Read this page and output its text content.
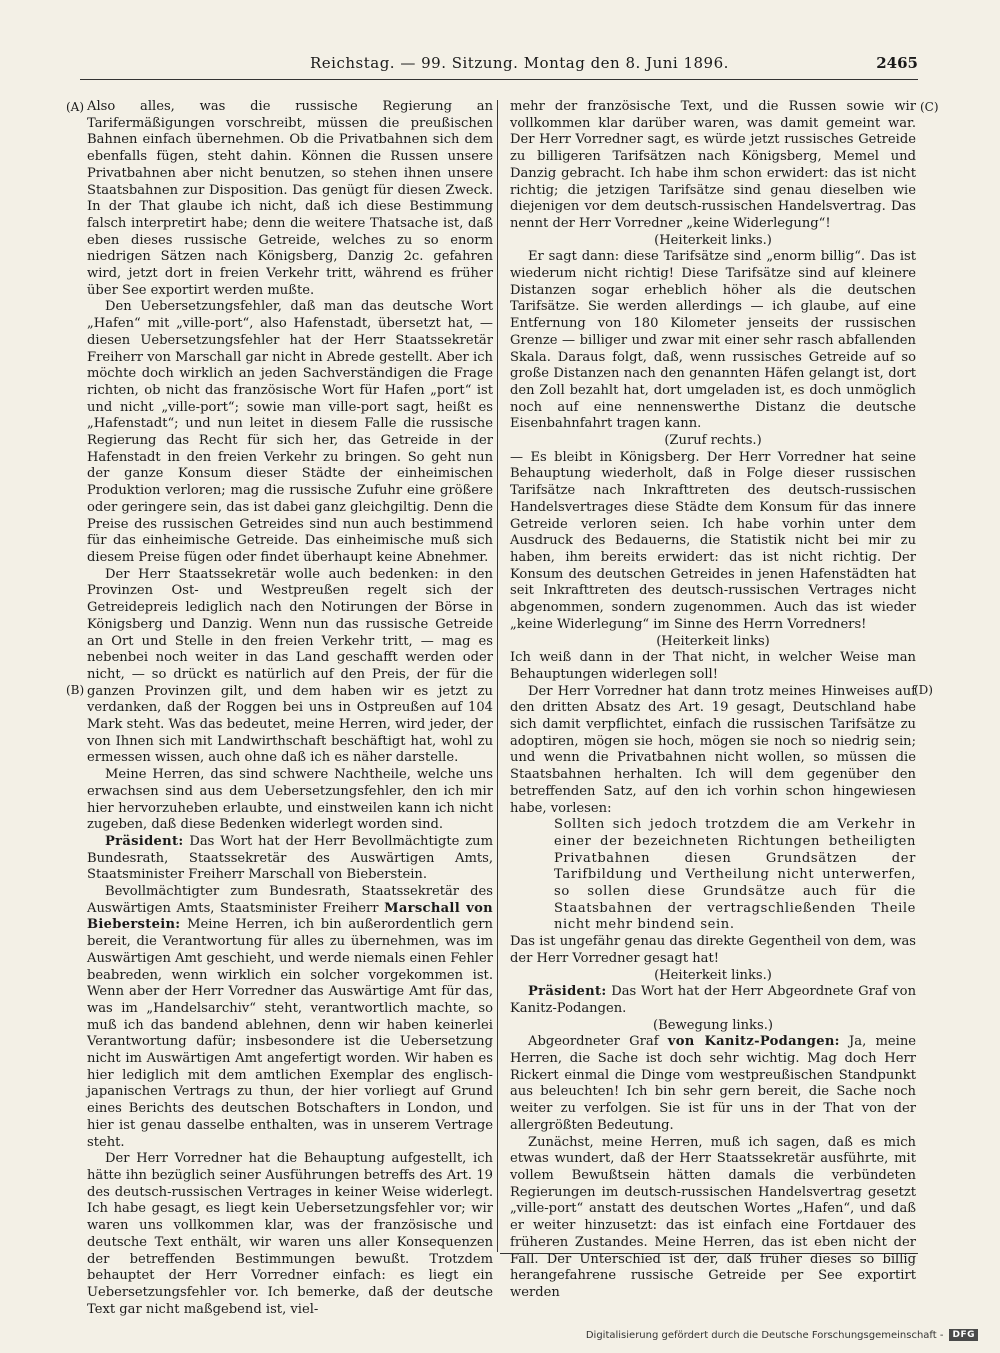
Reichstag. — 99. Sitzung. Montag den 8. Juni 1896.	2465
(A)
(B)
(C)
(D)

Also alles, was die russische Regierung an Tarifermäßigungen vorschreibt, müssen die preußischen Bahnen einfach übernehmen. Ob die Privatbahnen sich dem ebenfalls fügen, steht dahin. Können die Russen unsere Privatbahnen aber nicht benutzen, so stehen ihnen unsere Staatsbahnen zur Disposition. Das genügt für diesen Zweck. In der That glaube ich nicht, daß ich diese Bestimmung falsch interpretirt habe; denn die weitere Thatsache ist, daß eben dieses russische Getreide, welches zu so enorm niedrigen Sätzen nach Königsberg, Danzig 2c. gefahren wird, jetzt dort in freien Verkehr tritt, während es früher über See exportirt werden mußte.

Den Uebersetzungsfehler, daß man das deutsche Wort „Hafen“ mit „ville-port“, also Hafenstadt, übersetzt hat, — diesen Uebersetzungsfehler hat der Herr Staatssekretär Freiherr von Marschall gar nicht in Abrede gestellt. Aber ich möchte doch wirklich an jeden Sachverständigen die Frage richten, ob nicht das französische Wort für Hafen „port“ ist und nicht „ville-port“; sowie man ville-port sagt, heißt es „Hafenstadt“; und nun leitet in diesem Falle die russische Regierung das Recht für sich her, das Getreide in der Hafenstadt in den freien Verkehr zu bringen. So geht nun der ganze Konsum dieser Städte der einheimischen Produktion verloren; mag die russische Zufuhr eine größere oder geringere sein, das ist dabei ganz gleichgiltig. Denn die Preise des russischen Getreides sind nun auch bestimmend für das einheimische Getreide. Das einheimische muß sich diesem Preise fügen oder findet überhaupt keine Abnehmer.

Der Herr Staatssekretär wolle auch bedenken: in den Provinzen Ost- und Westpreußen regelt sich der Getreidepreis lediglich nach den Notirungen der Börse in Königsberg und Danzig. Wenn nun das russische Getreide an Ort und Stelle in den freien Verkehr tritt, — mag es nebenbei noch weiter in das Land geschafft werden oder nicht, — so drückt es natürlich auf den Preis, der für die ganzen Provinzen gilt, und dem haben wir es jetzt zu verdanken, daß der Roggen bei uns in Ostpreußen auf 104 Mark steht. Was das bedeutet, meine Herren, wird jeder, der von Ihnen sich mit Landwirthschaft beschäftigt hat, wohl zu ermessen wissen, auch ohne daß ich es näher darstelle.

Meine Herren, das sind schwere Nachtheile, welche uns erwachsen sind aus dem Uebersetzungsfehler, den ich mir hier hervorzuheben erlaubte, und einstweilen kann ich nicht zugeben, daß diese Bedenken widerlegt worden sind.

Präsident: Das Wort hat der Herr Bevollmächtigte zum Bundesrath, Staatssekretär des Auswärtigen Amts, Staatsminister Freiherr Marschall von Bieberstein.

Bevollmächtigter zum Bundesrath, Staatssekretär des Auswärtigen Amts, Staatsminister Freiherr Marschall von Bieberstein: Meine Herren, ich bin außerordentlich gern bereit, die Verantwortung für alles zu übernehmen, was im Auswärtigen Amt geschieht, und werde niemals einen Fehler beabreden, wenn wirklich ein solcher vorgekommen ist. Wenn aber der Herr Vorredner das Auswärtige Amt für das, was im „Handelsarchiv“ steht, verantwortlich machte, so muß ich das bandend ablehnen, denn wir haben keinerlei Verantwortung dafür; insbesondere ist die Uebersetzung nicht im Auswärtigen Amt angefertigt worden. Wir haben es hier lediglich mit dem amtlichen Exemplar des englisch-japanischen Vertrags zu thun, der hier vorliegt auf Grund eines Berichts des deutschen Botschafters in London, und hier ist genau dasselbe enthalten, was in unserem Vertrage steht.

Der Herr Vorredner hat die Behauptung aufgestellt, ich hätte ihn bezüglich seiner Ausführungen betreffs des Art. 19 des deutsch-russischen Vertrages in keiner Weise widerlegt. Ich habe gesagt, es liegt kein Uebersetzungsfehler vor; wir waren uns vollkommen klar, was der französische und deutsche Text enthält, wir waren uns aller Konsequenzen der betreffenden Bestimmungen bewußt. Trotzdem behauptet der Herr Vorredner einfach: es liegt ein Uebersetzungsfehler vor. Ich bemerke, daß der deutsche Text gar nicht maßgebend ist, viel-

mehr der französische Text, und die Russen sowie wir vollkommen klar darüber waren, was damit gemeint war. Der Herr Vorredner sagt, es würde jetzt russisches Getreide zu billigeren Tarifsätzen nach Königsberg, Memel und Danzig gebracht. Ich habe ihm schon erwidert: das ist nicht richtig; die jetzigen Tarifsätze sind genau dieselben wie diejenigen vor dem deutsch-russischen Handelsvertrag. Das nennt der Herr Vorredner „keine Widerlegung“!

(Heiterkeit links.)

Er sagt dann: diese Tarifsätze sind „enorm billig“. Das ist wiederum nicht richtig! Diese Tarifsätze sind auf kleinere Distanzen sogar erheblich höher als die deutschen Tarifsätze. Sie werden allerdings — ich glaube, auf eine Entfernung von 180 Kilometer jenseits der russischen Grenze — billiger und zwar mit einer sehr rasch abfallenden Skala. Daraus folgt, daß, wenn russisches Getreide auf so große Distanzen nach den genannten Häfen gelangt ist, dort den Zoll bezahlt hat, dort umgeladen ist, es doch unmöglich noch auf eine nennenswerthe Distanz die deutsche Eisenbahnfahrt tragen kann.

(Zuruf rechts.)

— Es bleibt in Königsberg. Der Herr Vorredner hat seine Behauptung wiederholt, daß in Folge dieser russischen Tarifsätze nach Inkrafttreten des deutsch-russischen Handelsvertrages diese Städte dem Konsum für das innere Getreide verloren seien. Ich habe vorhin unter dem Ausdruck des Bedauerns, die Statistik nicht bei mir zu haben, ihm bereits erwidert: das ist nicht richtig. Der Konsum des deutschen Getreides in jenen Hafenstädten hat seit Inkrafttreten des deutsch-russischen Vertrages nicht abgenommen, sondern zugenommen. Auch das ist wieder „keine Widerlegung“ im Sinne des Herrn Vorredners!

(Heiterkeit links)

Ich weiß dann in der That nicht, in welcher Weise man Behauptungen widerlegen soll!

Der Herr Vorredner hat dann trotz meines Hinweises auf den dritten Absatz des Art. 19 gesagt, Deutschland habe sich damit verpflichtet, einfach die russischen Tarifsätze zu adoptiren, mögen sie hoch, mögen sie noch so niedrig sein; und wenn die Privatbahnen nicht wollen, so müssen die Staatsbahnen herhalten. Ich will dem gegenüber den betreffenden Satz, auf den ich vorhin schon hingewiesen habe, vorlesen:

Sollten sich jedoch trotzdem die am Verkehr in einer der bezeichneten Richtungen betheiligten Privatbahnen diesen Grundsätzen der Tarifbildung und Vertheilung nicht unterwerfen, so sollen diese Grundsätze auch für die Staatsbahnen der vertragschließenden Theile nicht mehr bindend sein.

Das ist ungefähr genau das direkte Gegentheil von dem, was der Herr Vorredner gesagt hat!

(Heiterkeit links.)

Präsident: Das Wort hat der Herr Abgeordnete Graf von Kanitz-Podangen.

(Bewegung links.)

Abgeordneter Graf von Kanitz-Podangen: Ja, meine Herren, die Sache ist doch sehr wichtig. Mag doch Herr Rickert einmal die Dinge vom westpreußischen Standpunkt aus beleuchten! Ich bin sehr gern bereit, die Sache noch weiter zu verfolgen. Sie ist für uns in der That von der allergrößten Bedeutung.

Zunächst, meine Herren, muß ich sagen, daß es mich etwas wundert, daß der Herr Staatssekretär ausführte, mit vollem Bewußtsein hätten damals die verbündeten Regierungen im deutsch-russischen Handelsvertrag gesetzt „ville-port“ anstatt des deutschen Wortes „Hafen“, und daß er weiter hinzusetzt: das ist einfach eine Fortdauer des früheren Zustandes. Meine Herren, das ist eben nicht der Fall. Der Unterschied ist der, daß früher dieses so billig herangefahrene russische Getreide per See exportirt werden

Digitalisierung gefördert durch die Deutsche Forschungsgemeinschaft -	DFG
